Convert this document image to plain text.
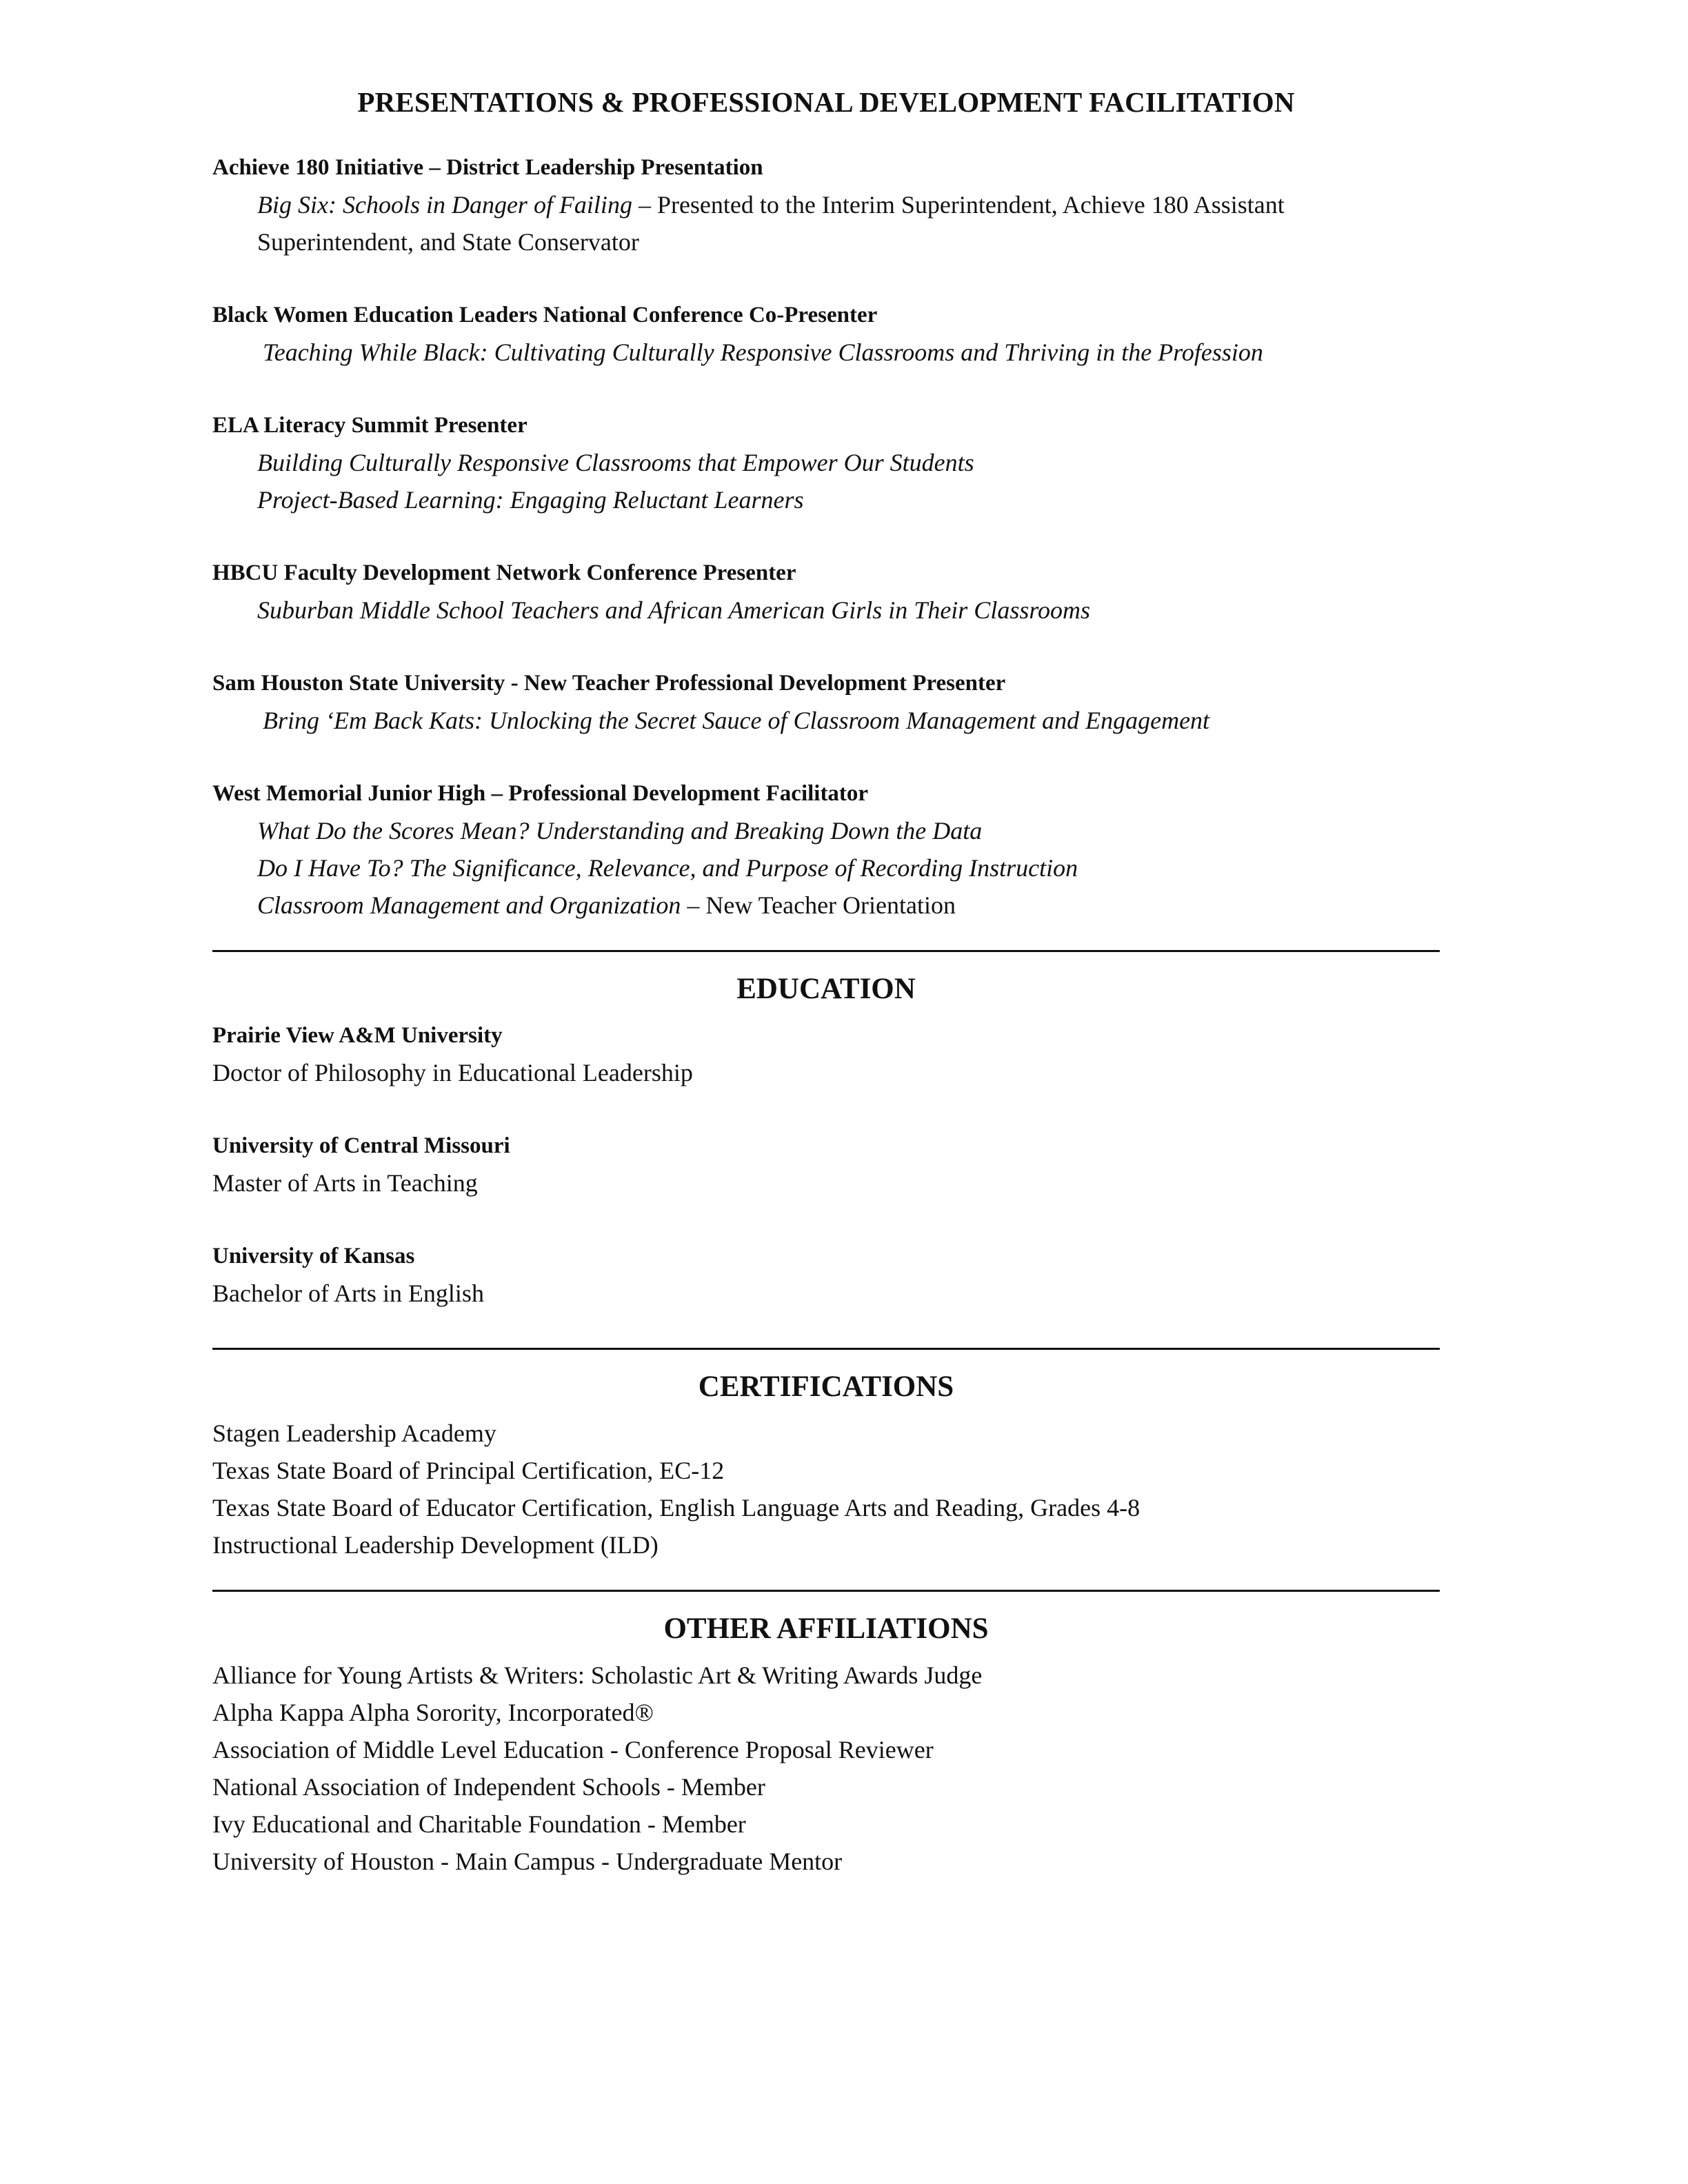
PRESENTATIONS & PROFESSIONAL DEVELOPMENT FACILITATION
Achieve 180 Initiative – District Leadership Presentation
Big Six: Schools in Danger of Failing – Presented to the Interim Superintendent, Achieve 180 Assistant
Superintendent, and State Conservator
Black Women Education Leaders National Conference Co-Presenter
Teaching While Black: Cultivating Culturally Responsive Classrooms and Thriving in the Profession
ELA Literacy Summit Presenter
Building Culturally Responsive Classrooms that Empower Our Students
Project-Based Learning: Engaging Reluctant Learners
HBCU Faculty Development Network Conference Presenter
Suburban Middle School Teachers and African American Girls in Their Classrooms
Sam Houston State University - New Teacher Professional Development Presenter
Bring ‘Em Back Kats: Unlocking the Secret Sauce of Classroom Management and Engagement
West Memorial Junior High – Professional Development Facilitator
What Do the Scores Mean? Understanding and Breaking Down the Data
Do I Have To? The Significance, Relevance, and Purpose of Recording Instruction
Classroom Management and Organization – New Teacher Orientation
EDUCATION
Prairie View A&M University
Doctor of Philosophy in Educational Leadership
University of Central Missouri
Master of Arts in Teaching
University of Kansas
Bachelor of Arts in English
CERTIFICATIONS
Stagen Leadership Academy
Texas State Board of Principal Certification, EC-12
Texas State Board of Educator Certification, English Language Arts and Reading, Grades 4-8
Instructional Leadership Development (ILD)
OTHER AFFILIATIONS
Alliance for Young Artists & Writers: Scholastic Art & Writing Awards Judge
Alpha Kappa Alpha Sorority, Incorporated®
Association of Middle Level Education - Conference Proposal Reviewer
National Association of Independent Schools - Member
Ivy Educational and Charitable Foundation - Member
University of Houston - Main Campus - Undergraduate Mentor
